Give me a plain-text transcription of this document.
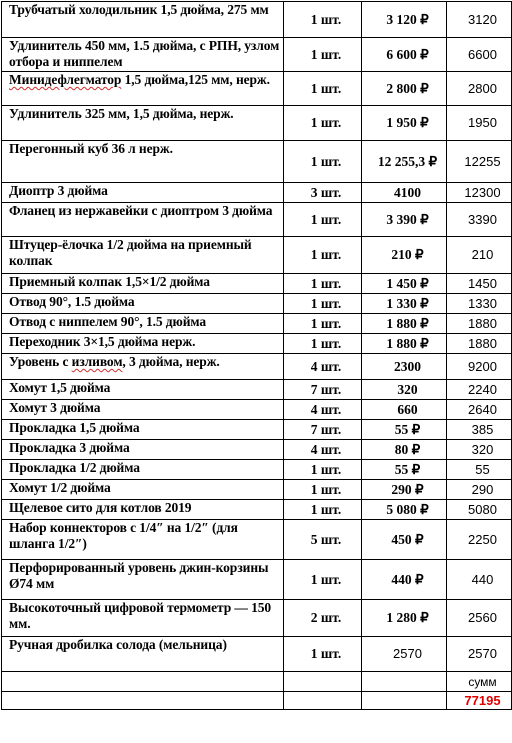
Трубчатый холодильник 1,5 дюйма, 275 мм	1 шт.	3 120 ₽	3120
Удлинитель 450 мм, 1.5 дюйма, с РПН, узлом отбора и ниппелем	1 шт.	6 600 ₽	6600
Минидефлегматор 1,5 дюйма,125 мм, нерж.	1 шт.	2 800 ₽	2800
Удлинитель 325 мм, 1,5 дюйма, нерж.	1 шт.	1 950 ₽	1950
Перегонный куб 36 л нерж.	1 шт.	12 255,3 ₽	12255
Диоптр 3 дюйма	3 шт.	4100	12300
Фланец из нержавейки с диоптром 3 дюйма	1 шт.	3 390 ₽	3390
Штуцер-ёлочка 1/2 дюйма на приемный колпак	1 шт.	210 ₽	210
Приемный колпак 1,5×1/2 дюйма	1 шт.	1 450 ₽	1450
Отвод 90°, 1.5 дюйма	1 шт.	1 330 ₽	1330
Отвод с ниппелем 90°, 1.5 дюйма	1 шт.	1 880 ₽	1880
Переходник 3×1,5 дюйма нерж.	1 шт.	1 880 ₽	1880
Уровень с изливом, 3 дюйма, нерж.	4 шт.	2300	9200
Хомут 1,5 дюйма	7 шт.	320	2240
Хомут 3 дюйма	4 шт.	660	2640
Прокладка 1,5 дюйма	7 шт.	55 ₽	385
Прокладка 3 дюйма	4 шт.	80 ₽	320
Прокладка 1/2 дюйма	1 шт.	55 ₽	55
Хомут 1/2 дюйма	1 шт.	290 ₽	290
Щелевое сито для котлов 2019	1 шт.	5 080 ₽	5080
Набор коннекторов с 1/4″ на 1/2″ (для шланга 1/2″)	5 шт.	450 ₽	2250
Перфорированный уровень джин-корзины Ø74 мм	1 шт.	440 ₽	440
Высокоточный цифровой термометр — 150 мм.	2 шт.	1 280 ₽	2560
Ручная дробилка солода (мельница)	1 шт.	2570	2570
			сумм
			77195
